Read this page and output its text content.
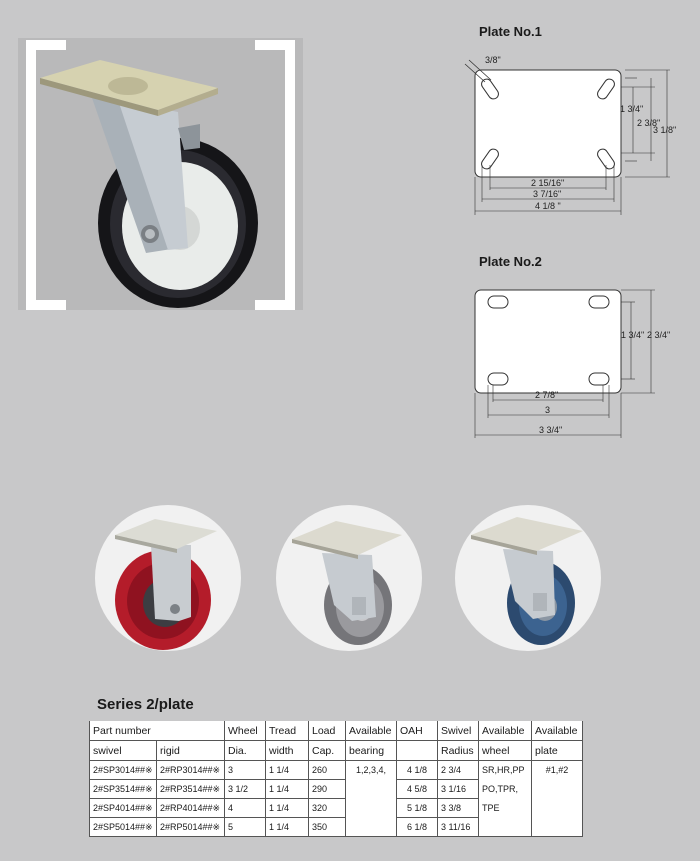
Plate No.1
3/8"
1 3/4"
2 3/8"
3 1/8"
2 15/16"
3 7/16"
4 1/8 "
Plate No.2
1 3/4" 2 3/4"
2 7/8"
3
3 3/4"
Series 2/plate
Part number		Wheel	Tread	Load	Available	OAH	Swivel	Available	Available
swivel	rigid	Dia.	width	Cap.	bearing		Radius	wheel	plate
2#SP3014##※	2#RP3014##※	3	1 1/4	260	1,2,3,4,	4 1/8	2 3/4	SR,HR,PP	#1,#2
2#SP3514##※	2#RP3514##※	3 1/2	1 1/4	290		4 5/8	3 1/16	PO,TPR,	
2#SP4014##※	2#RP4014##※	4	1 1/4	320		5 1/8	3 3/8	TPE	
2#SP5014##※	2#RP5014##※	5	1 1/4	350		6 1/8	3 11/16		
